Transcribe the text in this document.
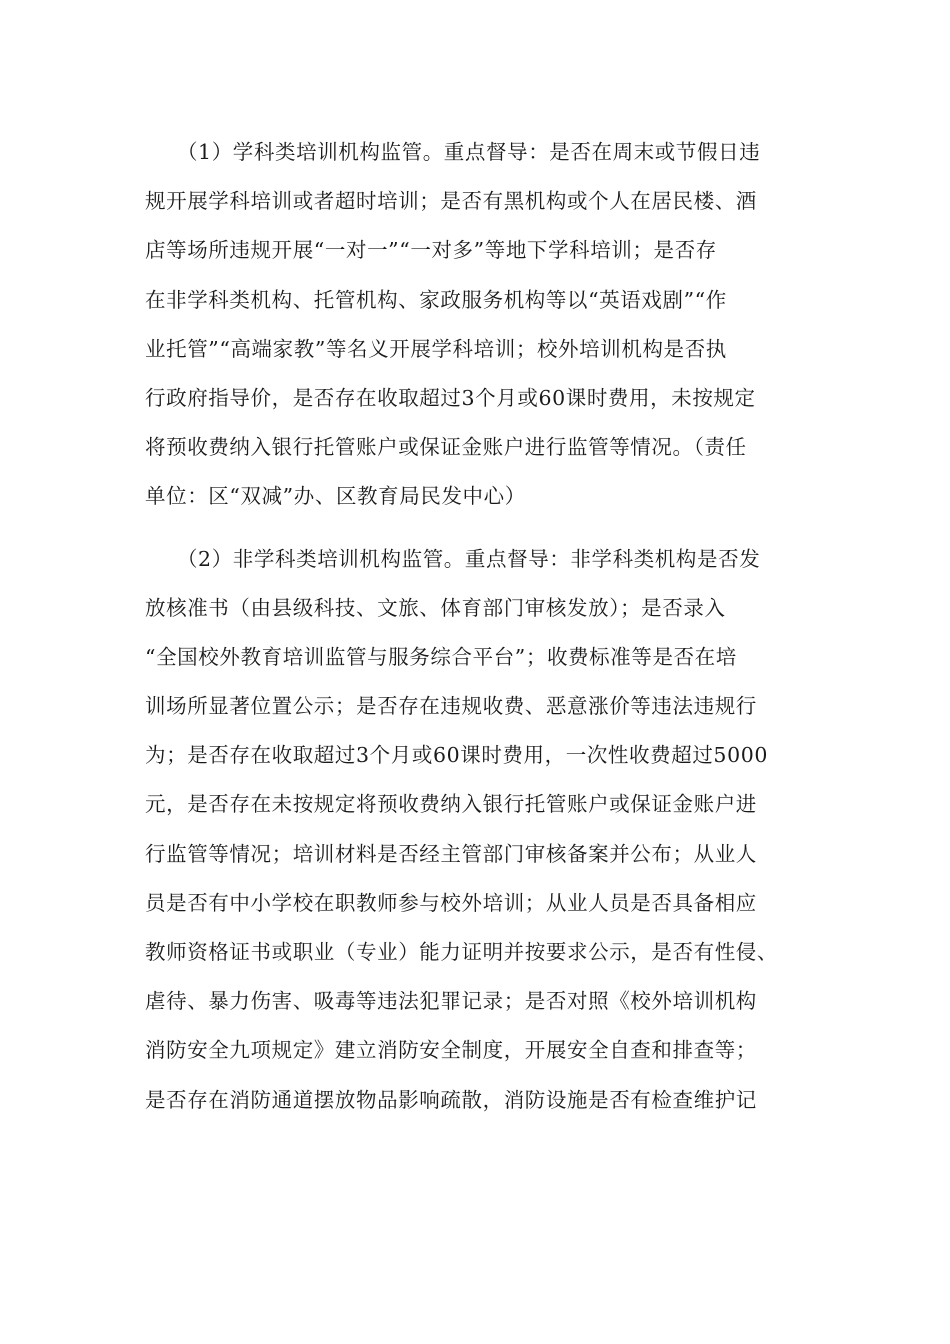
　　（1）学科类培训机构监管。重点督导：是否在周末或节假日违
规开展学科培训或者超时培训；是否有黑机构或个人在居民楼、酒
店等场所违规开展“一对一”“一对多”等地下学科培训；是否存
在非学科类机构、托管机构、家政服务机构等以“英语戏剧”“作
业托管”“高端家教”等名义开展学科培训；校外培训机构是否执
行政府指导价，是否存在收取超过3个月或60课时费用，未按规定
将预收费纳入银行托管账户或保证金账户进行监管等情况。（责任
单位：区“双减”办、区教育局民发中心）
　　（2）非学科类培训机构监管。重点督导：非学科类机构是否发
放核准书（由县级科技、文旅、体育部门审核发放）；是否录入
“全国校外教育培训监管与服务综合平台”；收费标准等是否在培
训场所显著位置公示；是否存在违规收费、恶意涨价等违法违规行
为；是否存在收取超过3个月或60课时费用，一次性收费超过5000
元，是否存在未按规定将预收费纳入银行托管账户或保证金账户进
行监管等情况；培训材料是否经主管部门审核备案并公布；从业人
员是否有中小学校在职教师参与校外培训；从业人员是否具备相应
教师资格证书或职业（专业）能力证明并按要求公示，是否有性侵、
虐待、暴力伤害、吸毒等违法犯罪记录；是否对照《校外培训机构
消防安全九项规定》建立消防安全制度，开展安全自查和排查等；
是否存在消防通道摆放物品影响疏散，消防设施是否有检查维护记
